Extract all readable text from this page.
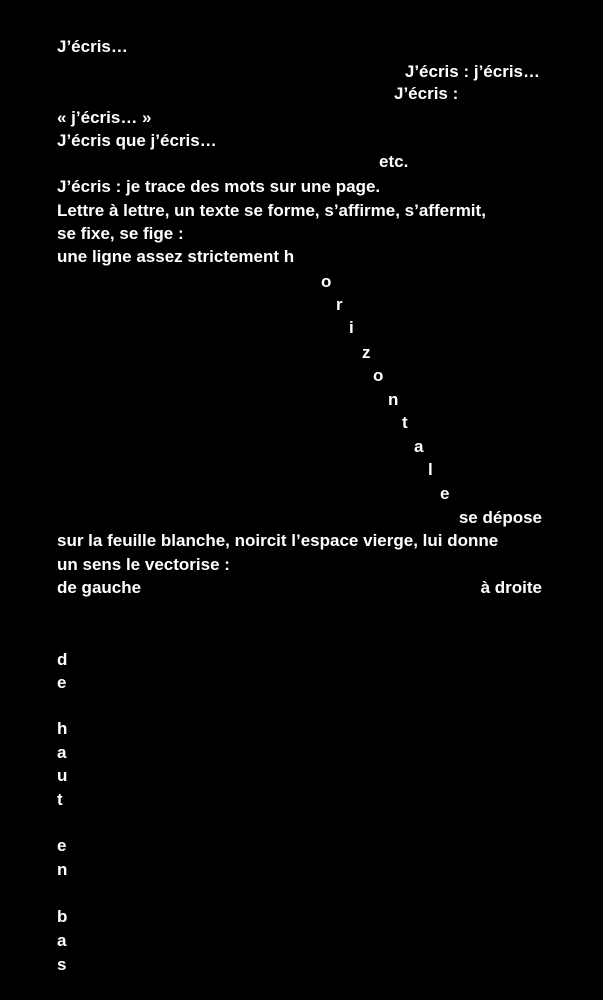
J’écris…
J’écris : j’écris…
J’écris :
« j’écris… »
J’écris que j’écris…
etc.
J’écris : je trace des mots sur une page.
Lettre à lettre, un texte se forme, s’affirme, s’affermit,
se fixe, se fige :
une ligne assez strictement h
o
r
i
z
o
n
t
a
l
e
se dépose
sur la feuille blanche, noircit l’espace vierge, lui donne
un sens le vectorise :
de gauche	à droite
d
e
h
a
u
t
e
n
b
a
s
